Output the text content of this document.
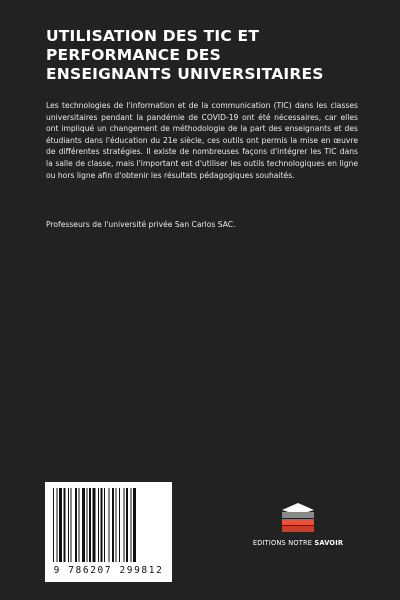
UTILISATION DES TIC ET
PERFORMANCE DES
ENSEIGNANTS UNIVERSITAIRES

Les technologies de l'information et de la communication (TIC) dans les classes universitaires pendant la pandémie de COVID-19 ont été nécessaires, car elles ont impliqué un changement de méthodologie de la part des enseignants et des étudiants dans l'éducation du 21e siècle, ces outils ont permis la mise en œuvre de différentes stratégies. Il existe de nombreuses façons d'intégrer les TIC dans la salle de classe, mais l'important est d'utiliser les outils technologiques en ligne ou hors ligne afin d'obtenir les résultats pédagogiques souhaités.

Professeurs de l'université privée San Carlos SAC.

9 786207 299812
EDITIONS NOTRE SAVOIR
